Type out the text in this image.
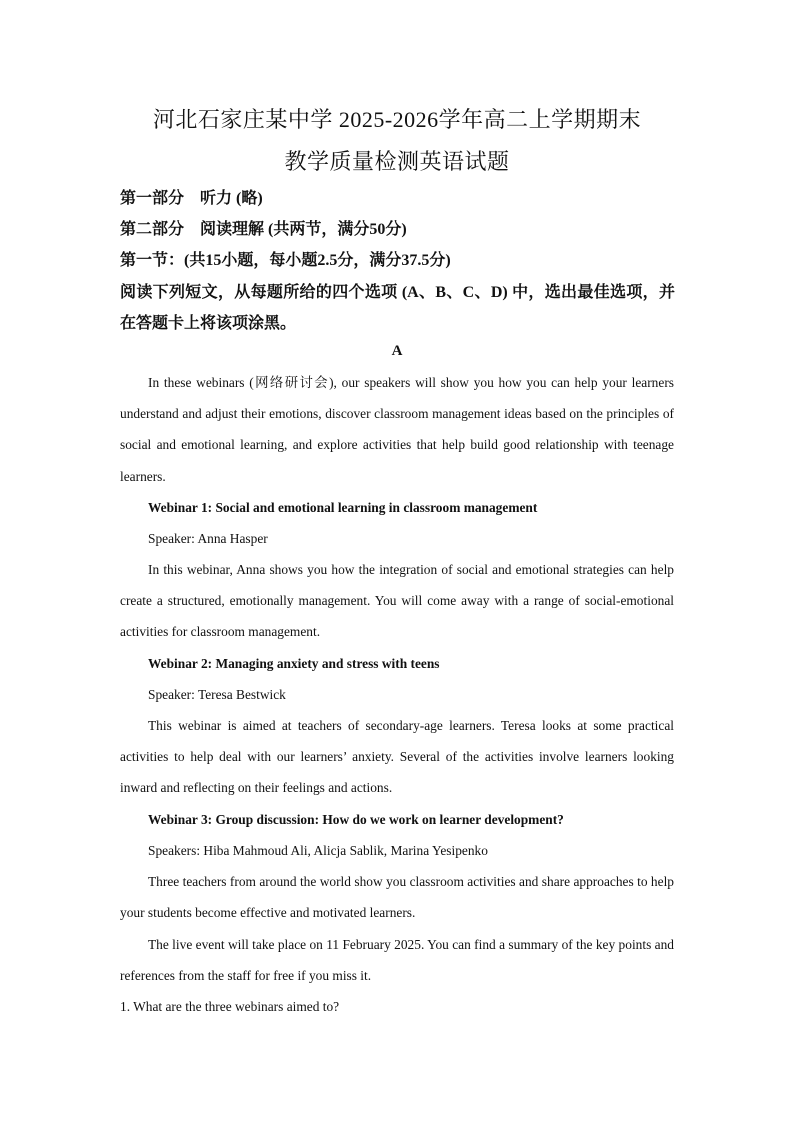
河北石家庄某中学 2025-2026学年高二上学期期末
教学质量检测英语试题
第一部分　听力 (略)
第二部分　阅读理解 (共两节，满分50分)
第一节：(共15小题，每小题2.5分，满分37.5分)
阅读下列短文，从每题所给的四个选项 (A、B、C、D) 中，选出最佳选项，并在答题卡上将该项涂黑。
A
In these webinars (网络研讨会), our speakers will show you how you can help your learners understand and adjust their emotions, discover classroom management ideas based on the principles of social and emotional learning, and explore activities that help build good relationship with teenage learners.
Webinar 1: Social and emotional learning in classroom management
Speaker: Anna Hasper
In this webinar, Anna shows you how the integration of social and emotional strategies can help create a structured, emotionally management. You will come away with a range of social-emotional activities for classroom management.
Webinar 2: Managing anxiety and stress with teens
Speaker: Teresa Bestwick
This webinar is aimed at teachers of secondary-age learners. Teresa looks at some practical activities to help deal with our learners’ anxiety. Several of the activities involve learners looking inward and reflecting on their feelings and actions.
Webinar 3: Group discussion: How do we work on learner development?
Speakers: Hiba Mahmoud Ali, Alicja Sablik, Marina Yesipenko
Three teachers from around the world show you classroom activities and share approaches to help your students become effective and motivated learners.
The live event will take place on 11 February 2025. You can find a summary of the key points and references from the staff for free if you miss it.
1. What are the three webinars aimed to?
